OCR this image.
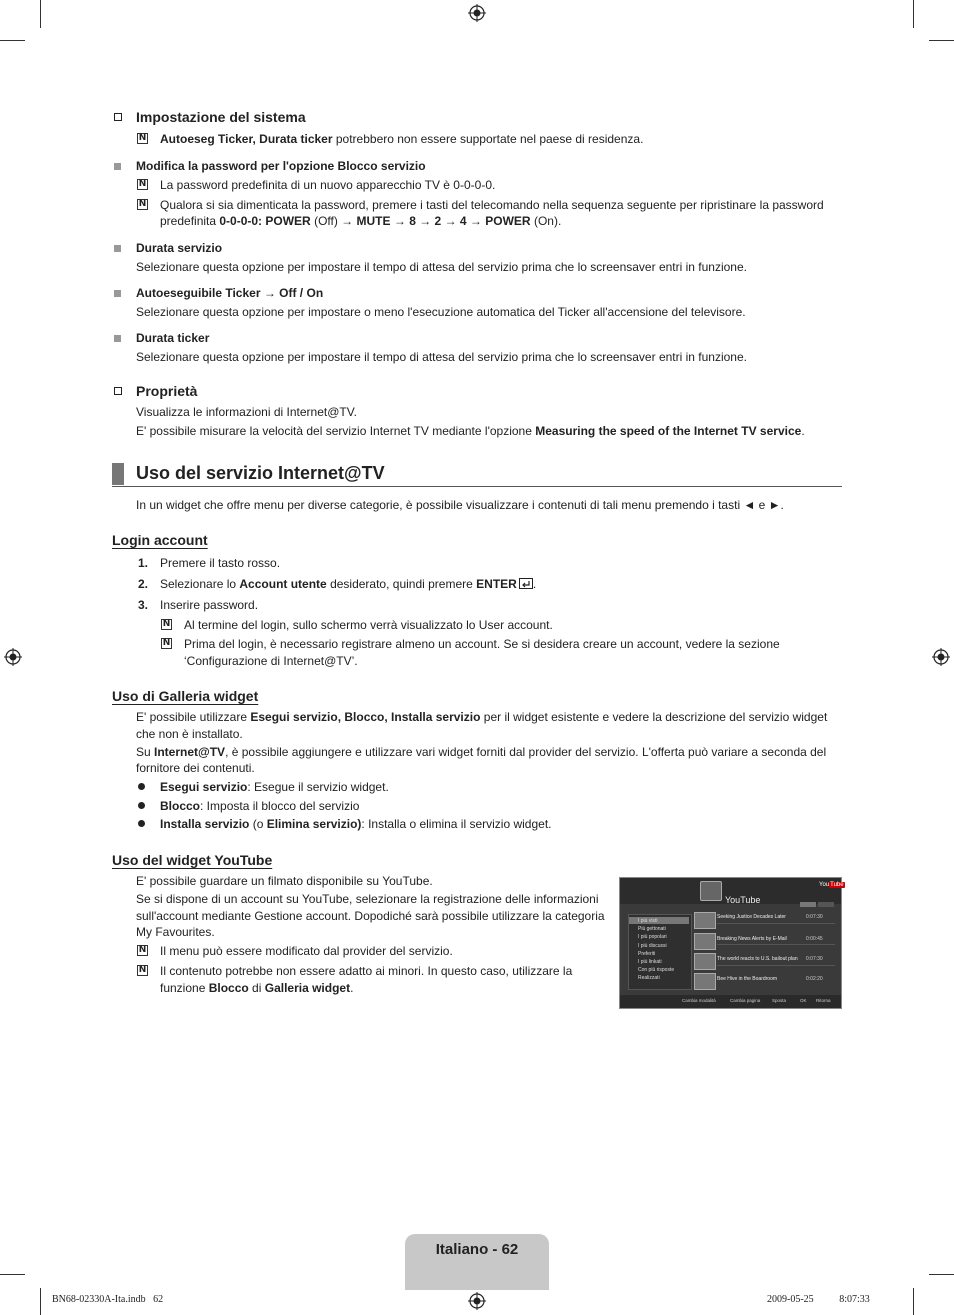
Impostazione del sistema
N Autoeseg Ticker, Durata ticker potrebbero non essere supportate nel paese di residenza.
Modifica la password per l'opzione Blocco servizio
N La password predefinita di un nuovo apparecchio TV è 0-0-0-0.
N Qualora si sia dimenticata la password, premere i tasti del telecomando nella sequenza seguente per ripristinare la password
predefinita 0-0-0-0: POWER (Off) → MUTE → 8 → 2 → 4 → POWER (On).
Durata servizio
Selezionare questa opzione per impostare il tempo di attesa del servizio prima che lo screensaver entri in funzione.
Autoeseguibile Ticker → Off / On
Selezionare questa opzione per impostare o meno l'esecuzione automatica del Ticker all'accensione del televisore.
Durata ticker
Selezionare questa opzione per impostare il tempo di attesa del servizio prima che lo screensaver entri in funzione.
Proprietà
Visualizza le informazioni di Internet@TV.
E' possibile misurare la velocità del servizio Internet TV mediante l'opzione Measuring the speed of the Internet TV service.
Uso del servizio Internet@TV
In un widget che offre menu per diverse categorie, è possibile visualizzare i contenuti di tali menu premendo i tasti ◄ e ►.
Login account
1. Premere il tasto rosso.
2. Selezionare lo Account utente desiderato, quindi premere ENTER .
3. Inserire password.
N Al termine del login, sullo schermo verrà visualizzato lo User account.
N Prima del login, è necessario registrare almeno un account. Se si desidera creare un account, vedere la sezione
‘Configurazione di Internet@TV’.
Uso di Galleria widget
E' possibile utilizzare Esegui servizio, Blocco, Installa servizio per il widget esistente e vedere la descrizione del servizio widget
che non è installato.
Su Internet@TV, è possibile aggiungere e utilizzare vari widget forniti dal provider del servizio. L'offerta può variare a seconda del
fornitore dei contenuti.
Esegui servizio: Esegue il servizio widget.
Blocco: Imposta il blocco del servizio
Installa servizio (o Elimina servizio): Installa o elimina il servizio widget.
Uso del widget YouTube
E' possibile guardare un filmato disponibile su YouTube.
Se si dispone di un account su YouTube, selezionare la registrazione delle informazioni
sull'account mediante Gestione account. Dopodiché sarà possibile utilizzare la categoria
My Favourites.
N Il menu può essere modificato dal provider del servizio.
N Il contenuto potrebbe non essere adatto ai minori. In questo caso, utilizzare la
funzione Blocco di Galleria widget.
YouTube
YouTube
I più visti
Più gettonati
I più popolari
I più discussi
Preferiti
I più linkati
Con più risposte
Realizzati
Seeking Justice Decades Later	0:07:30
Breaking News Alerts by E-Mail	0:00:45
The world reacts to U.S. bailout plan 0:07:30
Bee Hive in the Boardroom	0:02:20
Cambia modalità	Cambia pagina	Sposta	OK Ritorna
Italiano - 62
BN68-02330A-Ita.indb   62	2009-05-25   ￿￿ 8:07:33
